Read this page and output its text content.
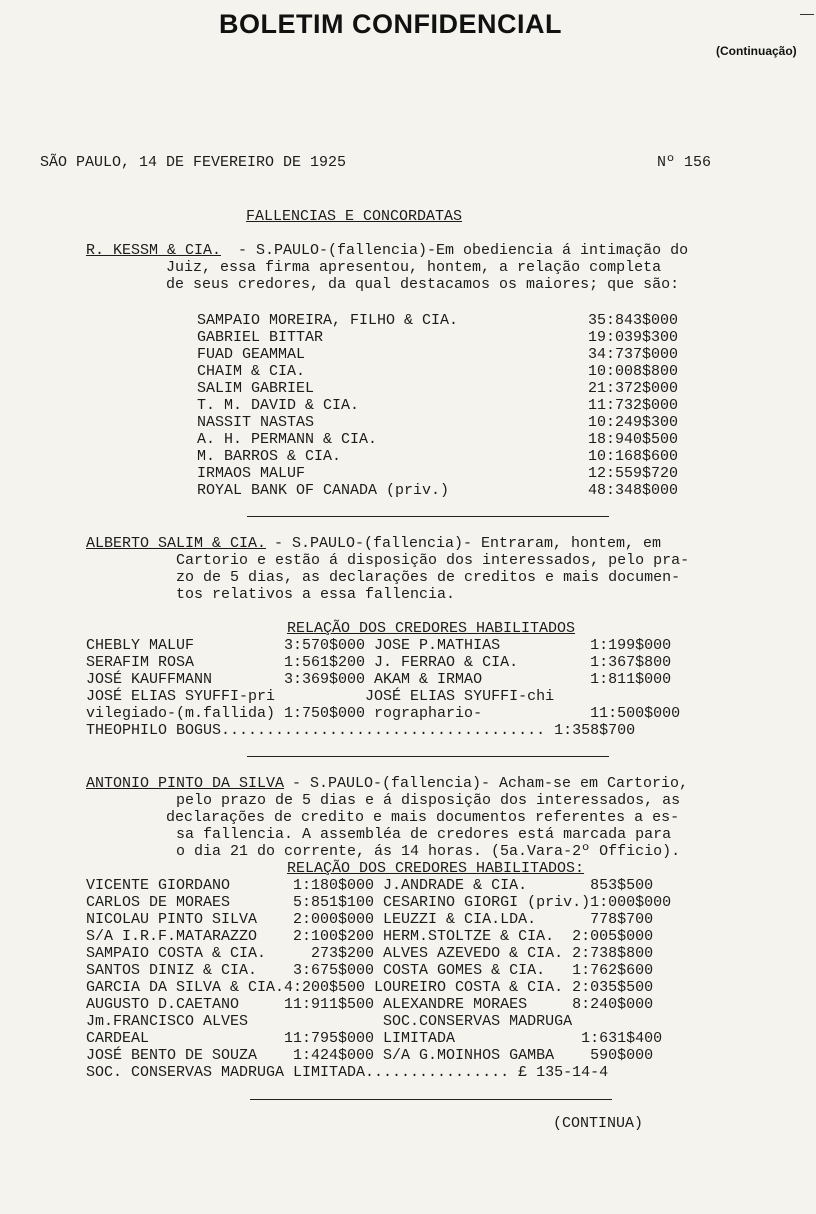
BOLETIM CONFIDENCIAL
(Continuação)
SÃO PAULO, 14 DE FEVEREIRO DE 1925	Nº 156
FALLENCIAS E CONCORDATAS
R. KESSM & CIA. - S.PAULO-(fallencia)-Em obediencia á intimação do
Juiz, essa firma apresentou, hontem, a relação completa
de seus credores, da qual destacamos os maiores; que são:
SAMPAIO MOREIRA, FILHO & CIA.	35:843$000
GABRIEL BITTAR	19:039$300
FUAD GEAMMAL	34:737$000
CHAIM & CIA.	10:008$800
SALIM GABRIEL	21:372$000
T. M. DAVID & CIA.	11:732$000
NASSIT NASTAS	10:249$300
A. H. PERMANN & CIA.	18:940$500
M. BARROS & CIA.	10:168$600
IRMAOS MALUF	12:559$720
ROYAL BANK OF CANADA (priv.)	48:348$000
ALBERTO SALIM & CIA. - S.PAULO-(fallencia)- Entraram, hontem, em
Cartorio e estão á disposição dos interessados, pelo pra-
zo de 5 dias, as declarações de creditos e mais documen-
tos relativos a essa fallencia.
RELAÇÃO DOS CREDORES HABILITADOS
CHEBLY MALUF          3:570$000 JOSE P.MATHIAS          1:199$000
SERAFIM ROSA          1:561$200 J. FERRAO & CIA.        1:367$800
JOSÉ KAUFFMANN        3:369$000 AKAM & IRMAO            1:811$000
JOSÉ ELIAS SYUFFI-pri          JOSÉ ELIAS SYUFFI-chi
vilegiado-(m.fallida) 1:750$000 rographario-            11:500$000
THEOPHILO BOGUS.................................... 1:358$700
ANTONIO PINTO DA SILVA - S.PAULO-(fallencia)- Acham-se em Cartorio,
pelo prazo de 5 dias e á disposição dos interessados, as
declarações de credito e mais documentos referentes a es-
sa fallencia. A assembléa de credores está marcada para
o dia 21 do corrente, ás 14 horas. (5a.Vara-2º Officio).
RELAÇÃO DOS CREDORES HABILITADOS:
VICENTE GIORDANO       1:180$000 J.ANDRADE & CIA.       853$500
CARLOS DE MORAES       5:851$100 CESARINO GIORGI (priv.)1:000$000
NICOLAU PINTO SILVA    2:000$000 LEUZZI & CIA.LDA.      778$700
S/A I.R.F.MATARAZZO    2:100$200 HERM.STOLTZE & CIA.  2:005$000
SAMPAIO COSTA & CIA.     273$200 ALVES AZEVEDO & CIA. 2:738$800
SANTOS DINIZ & CIA.    3:675$000 COSTA GOMES & CIA.   1:762$600
GARCIA DA SILVA & CIA.4:200$500 LOUREIRO COSTA & CIA. 2:035$500
AUGUSTO D.CAETANO     11:911$500 ALEXANDRE MORAES     8:240$000
Jm.FRANCISCO ALVES               SOC.CONSERVAS MADRUGA
CARDEAL               11:795$000 LIMITADA              1:631$400
JOSÉ BENTO DE SOUZA    1:424$000 S/A G.MOINHOS GAMBA    590$000
SOC. CONSERVAS MADRUGA LIMITADA................ £ 135-14-4
(CONTINUA)
